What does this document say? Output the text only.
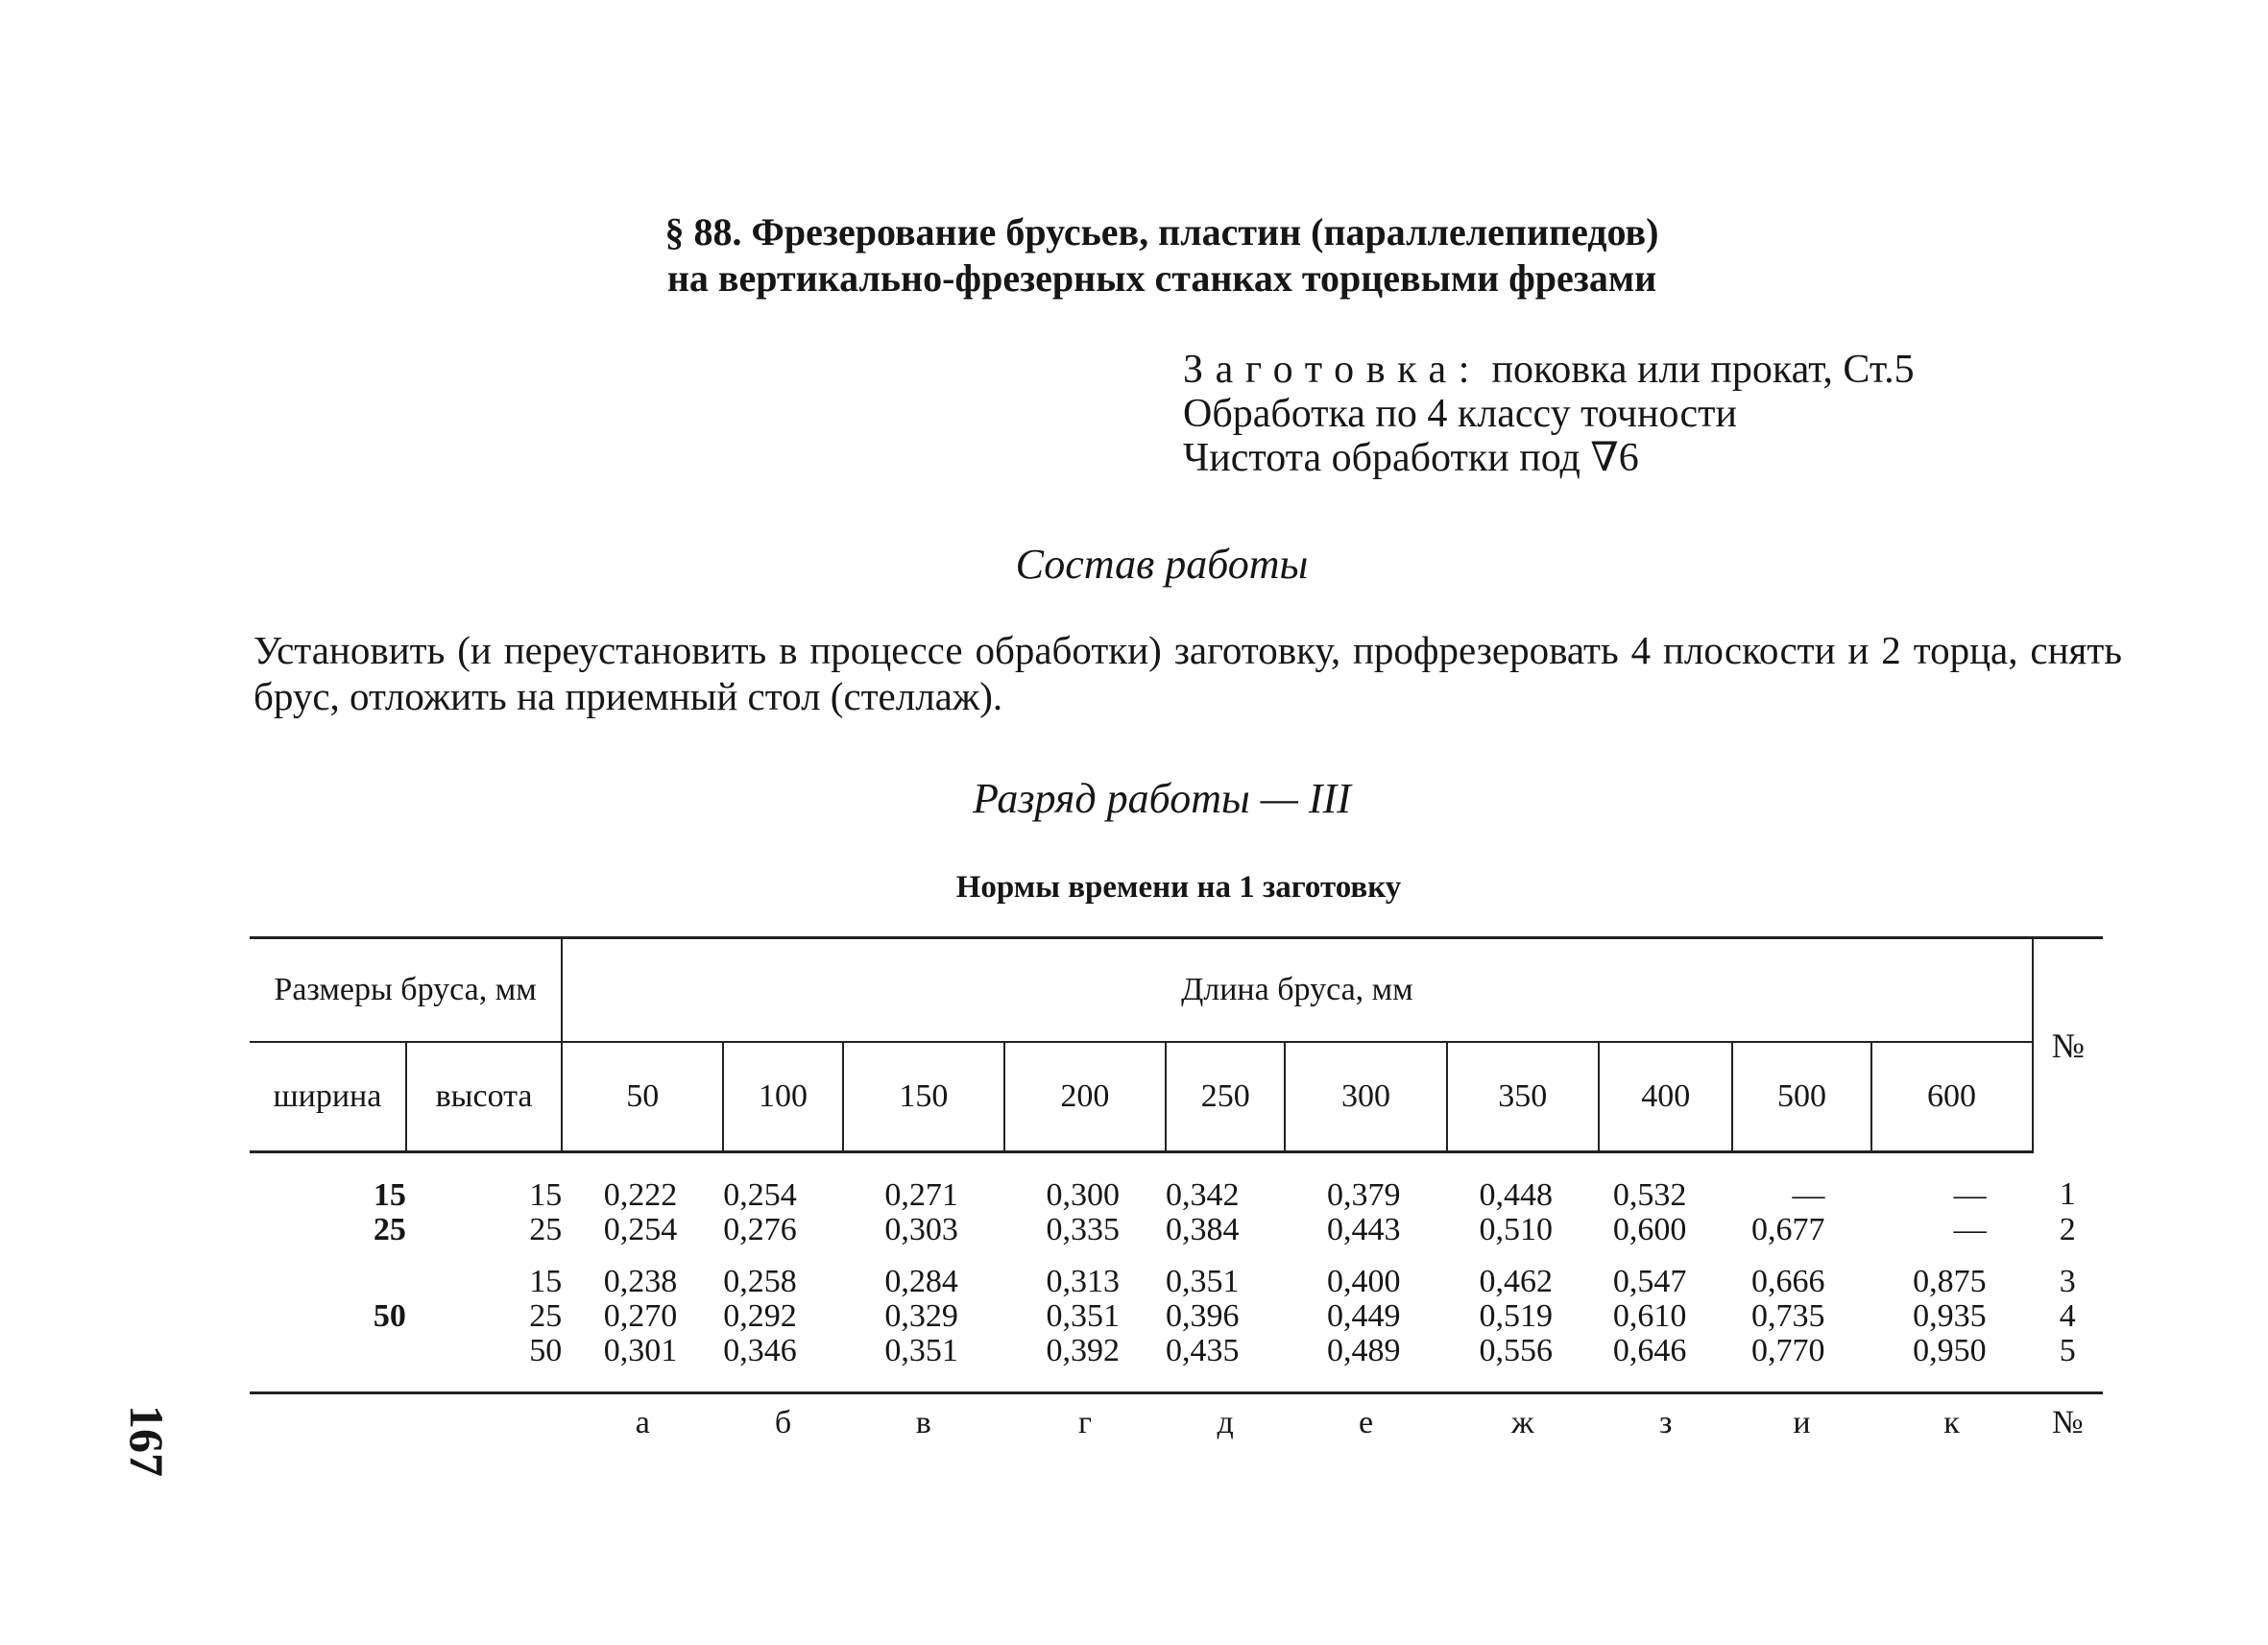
§ 88. Фрезерование брусьев, пластин (параллелепипедов)
на вертикально-фрезерных станках торцевыми фрезами
Заготовка: поковка или прокат, Ст.5
Обработка по 4 классу точности
Чистота обработки под ∇6
Состав работы
Установить (и переустановить в процессе обработки) заготовку, профрезеровать 4 плоскости и 2 торца, снять брус, отложить на приемный стол (стеллаж).
Разряд работы — III
Нормы времени на 1 заготовку
Размеры бруса, мм		Длина бруса, мм										№
ширина	высота	50	100	150	200	250	300	350	400	500	600	
15	15	0,222	0,254	0,271	0,300	0,342	0,379	0,448	0,532	—	—	1
25	25	0,254	0,276	0,303	0,335	0,384	0,443	0,510	0,600	0,677	—	2

	15	0,238	0,258	0,284	0,313	0,351	0,400	0,462	0,547	0,666	0,875	3
50	25	0,270	0,292	0,329	0,351	0,396	0,449	0,519	0,610	0,735	0,935	4
	50	0,301	0,346	0,351	0,392	0,435	0,489	0,556	0,646	0,770	0,950	5
		а	б	в	г	д	е	ж	з	и	к	№
167
